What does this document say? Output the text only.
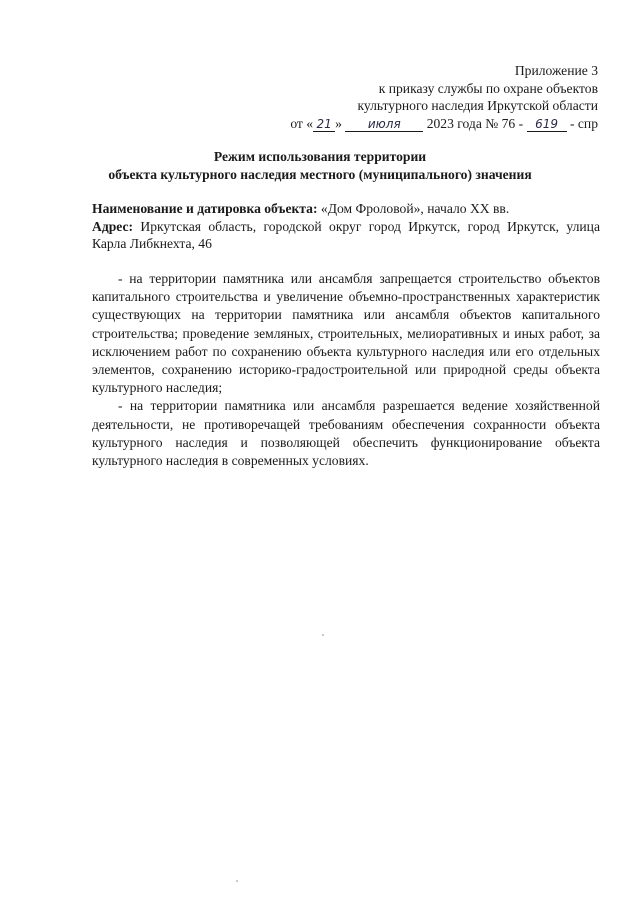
Приложение 3
к приказу службы по охране объектов
культурного наследия Иркутской области
от « 21 » июля 2023 года № 76 - 619 - спр
Режим использования территории
объекта культурного наследия местного (муниципального) значения
Наименование и датировка объекта: «Дом Фроловой», начало XX вв.
Адрес: Иркутская область, городской округ город Иркутск, город Иркутск, улица Карла Либкнехта, 46

- на территории памятника или ансамбля запрещается строительство объектов капитального строительства и увеличение объемно-пространственных характеристик существующих на территории памятника или ансамбля объектов капитального строительства; проведение земляных, строительных, мелиоративных и иных работ, за исключением работ по сохранению объекта культурного наследия или его отдельных элементов, сохранению историко-градостроительной или природной среды объекта культурного наследия;

- на территории памятника или ансамбля разрешается ведение хозяйственной деятельности, не противоречащей требованиям обеспечения сохранности объекта культурного наследия и позволяющей обеспечить функционирование объекта культурного наследия в современных условиях.
